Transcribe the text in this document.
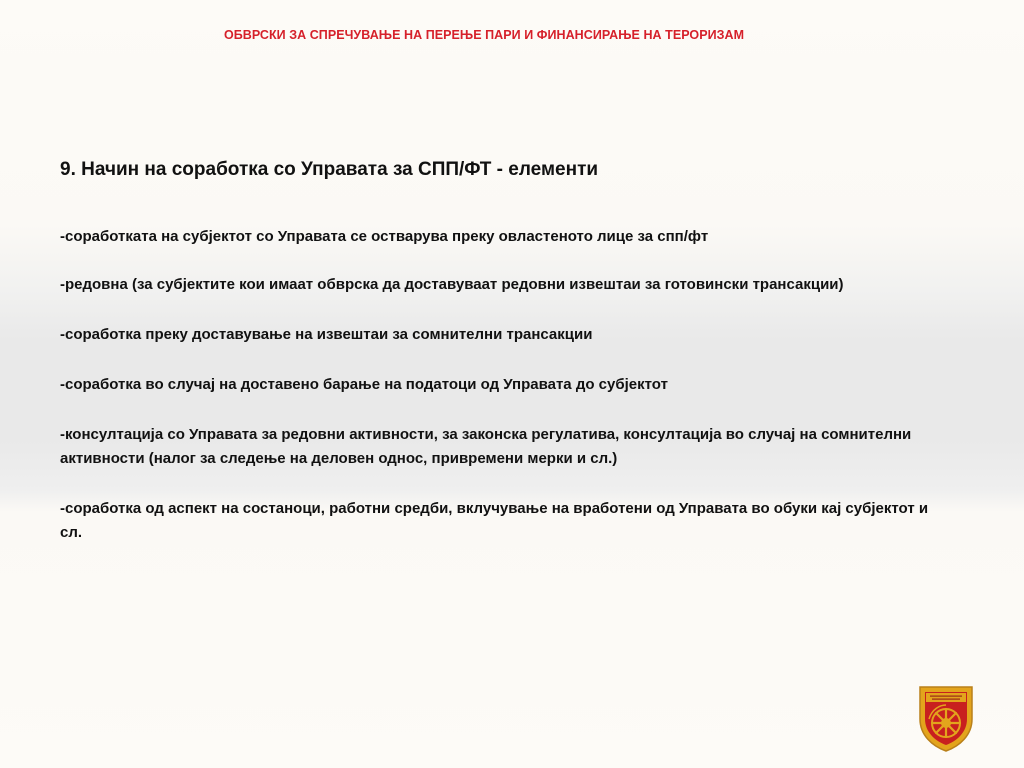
ОБВРСКИ ЗА СПРЕЧУВАЊЕ НА ПЕРЕЊЕ ПАРИ И ФИНАНСИРАЊЕ НА ТЕРОРИЗАМ
9. Начин на соработка со Управата за СПП/ФТ - елементи

-соработката на субјектот со Управата се остварува преку овластеното лице за спп/фт

-редовна (за субјектите кои имаат обврска да доставуваат редовни извештаи за готовински трансакции)

-соработка преку доставување на извештаи за сомнителни трансакции

-соработка во случај на доставено барање на податоци од Управата до субјектот

-консултација со Управата за редовни активности, за законска регулатива, консултација во случај на сомнителни активности (налог за следење на деловен однос, привремени мерки и сл.)

-соработка од аспект на состаноци, работни средби, вклучување на вработени од Управата во обуки кај субјектот и сл.
